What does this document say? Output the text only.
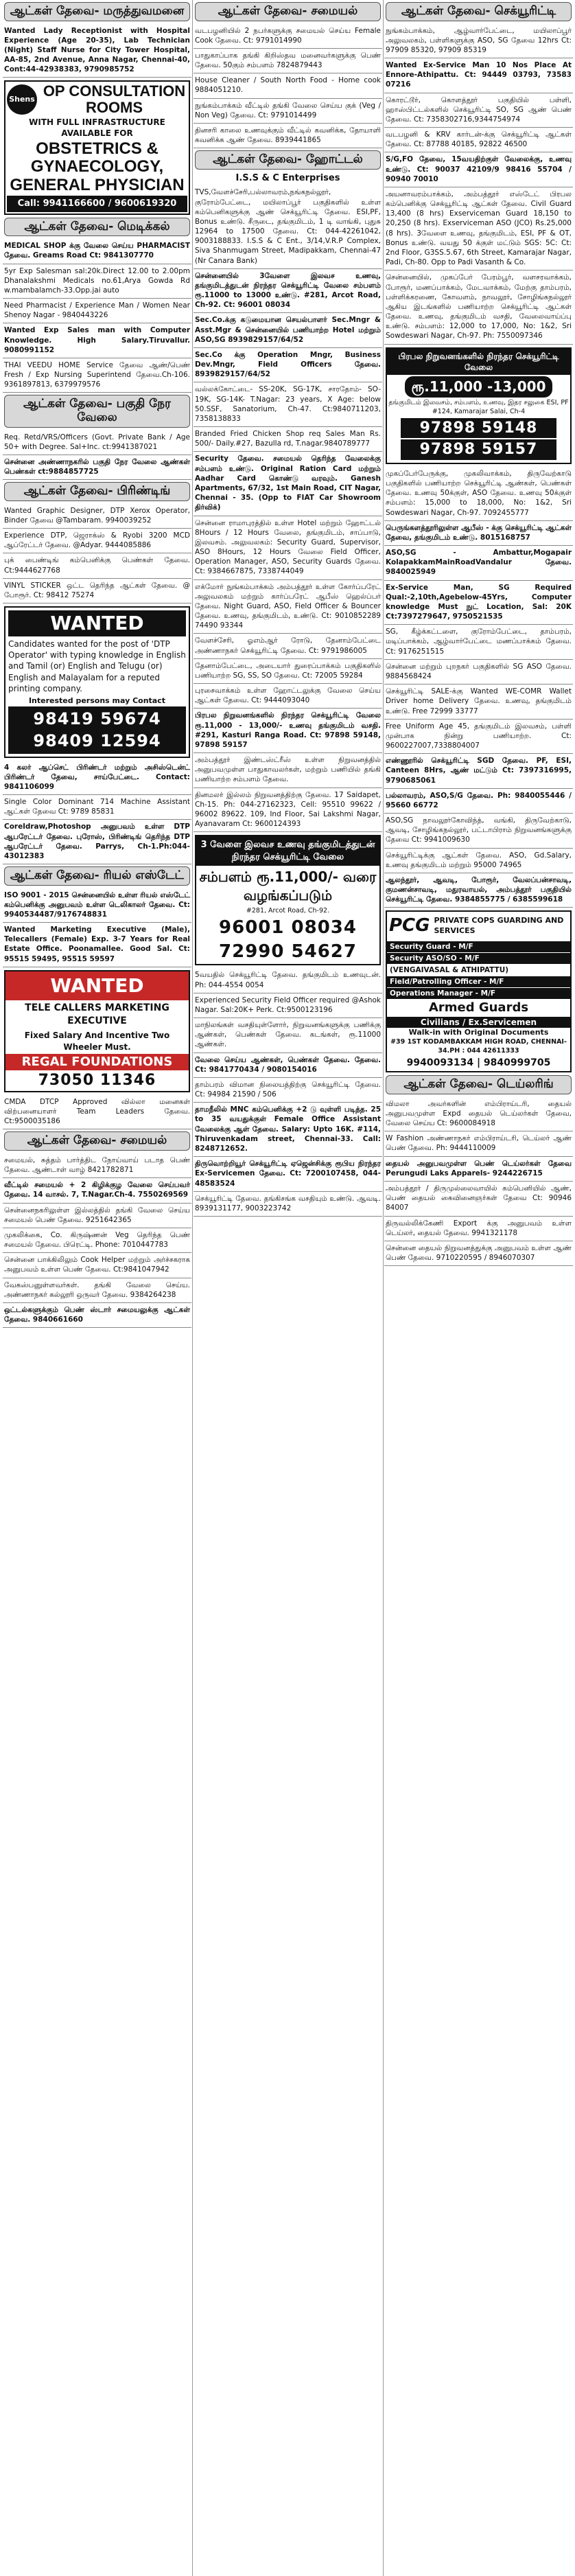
ஆட்கள் தேவை- மருத்துவமனை
Wanted Lady Receptionist with Hospital Experience (Age 20-35), Lab Technician (Night) Staff Nurse for City Tower Hospital, AA-85, 2nd Avenue, Anna Nagar, Chennai-40, Cont:44-42938383, 9790985752
Shens OP CONSULTATION ROOMS
WITH FULL INFRASTRUCTURE AVAILABLE FOR
OBSTETRICS & GYNAECOLOGY, GENERAL PHYSICIAN
Call: 9941166600 / 9600619320
ஆட்கள் தேவை- மெடிக்கல்
MEDICAL SHOP க்கு வேலை செய்ய PHARMACIST தேவை. Greams Road Ct: 9841307770
5yr Exp Salesman sal:20k.Direct 12.00 to 2.00pm Dhanalakshmi Medicals no.61,Arya Gowda Rd w.mambalamch-33.Opp.jai auto
Need Pharmacist / Experience Man / Women Near Shenoy Nagar - 9840443226
Wanted Exp Sales man with Computer Knowledge. High Salary.Tiruvallur. 9080991152
THAI VEEDU HOME Service தேவை ஆண்/பெண் Fresh / Exp Nursing Superintend தேவை.Ch-106. 9361897813, 6379979576
ஆட்கள் தேவை- பகுதி நேர வேலை
Req. Retd/VRS/Officers (Govt. Private Bank / Age 50+ with Degree. Sal+Inc. ct:9941387021
சென்னை அண்ணாநகரில் பகுதி நேர வேலை ஆண்கள் பெண்கள் ct:9884857725
ஆட்கள் தேவை- பிரிண்டிங்
Wanted Graphic Designer, DTP Xerox Operator, Binder தேவை @Tambaram. 9940039252
Experience DTP, ஜெராக்ஸ் & Ryobi 3200 MCD ஆப்ரேட்டர் தேவை. @Adyar. 9444085886
புக் பைண்டிங் கம்பெனிக்கு பெண்கள் தேவை. Ct:9444627768
VINYL STICKER ஒட்ட தெரிந்த ஆட்கள் தேவை. @ போரூர். Ct: 98412 75274
WANTED
Candidates wanted for the post of 'DTP Operator' with typing knowledge in English and Tamil (or) English and Telugu (or) English and Malayalam for a reputed printing company.
Interested persons may Contact
98419 59674
98409 12594
4 கலர் ஆப்செட் பிரிண்டர் மற்றும் அசிஸ்டென்ட் பிரிண்டர் தேவை, சாய்பேட்டை. Contact: 9841106099
Single Color Dominant 714 Machine Assistant ஆட்கள் தேவை Ct: 9789 85831
Coreldraw,Photoshop அனுபவம் உள்ள DTP ஆபரேட்டர் தேவை. புரோஸ், பிரிண்டிங் தெரிந்த DTP ஆபரேட்டர் தேவை. Parrys, Ch-1.Ph:044- 43012383
ஆட்கள் தேவை- ரியல் எஸ்டேட்
ISO 9001 - 2015 சென்னையில் உள்ள ரியல் எஸ்டேட் கம்பெனிக்கு அனுபவம் உள்ள டெலிகாலர் தேவை. Ct: 9940534487/9176748831
Wanted Marketing Executive (Male), Telecallers (Female) Exp. 3-7 Years for Real Estate Office. Poonamallee. Good Sal. Ct: 95515 59495, 95515 59597
WANTED
TELE CALLERS MARKETING EXECUTIVE
Fixed Salary And Incentive Two Wheeler Must.
REGAL FOUNDATIONS
73050 11346
CMDA DTCP Approved வில்லா மனைகள் விற்பனையாளர் Team Leaders தேவை. Ct:9500035186
ஆட்கள் தேவை- சமையல்
சமையல், சுத்தம் பார்த்திட நோய்வாய் படாத பெண் தேவை. ஆண்டாள் வாழ் 8421782871
வீட்டில் சமையல் + 2 கிழிக்குழ வேலை செய்பவர் தேவை. 14 வாசல். 7, T.Nagar.Ch-4. 7550269569
சென்னைநகரிலுள்ள இல்லத்தில் தங்கி வேலை செய்ய சமையல் பெண் தேவை. 9251642365
முகலிக்கை, Co. கிருஷ்ணன் Veg தெரிந்த பெண் சமையல் தேவை. பிரெட்டி. Phone: 7010447783
சென்னை பாக்கிலிலும் Cook Helper மற்றும் அர்ச்சகராக அனுபவம் உள்ள பெண் தேவை. Ct:9841047942
வேகஸ்பனுள்ளவர்கள். தங்கி வேலை செய்ய. அண்ணாநகர் கல்லூரி ஒருவர் தேவை. 9384264238
ஒட்டல்களுக்கும் பெண் ஸ்டார் சமையலுக்கு ஆட்கள் தேவை. 9840661660
ஆட்கள் தேவை- சமையல்
வடபழனியில் 2 நபர்களுக்கு சமையல் செய்ய Female Cook தேவை. Ct: 9791014990
பாதுகாப்பாக தங்கி கிறிஸ்தவ மனைவர்களுக்கு பெண் தேவை. 50கும் சம்பளம் 7824879443
House Cleaner / South North Food - Home cook 9884051210.
நுங்கம்பாக்கம் வீட்டில் தங்கி வேலை செய்ய குக் (Veg / Non Veg) தேவை. Ct: 9791014499
தினசரி காலை உணவுக்கும் வீட்டில் கவனிக்க, தோயாளி கவனிக்க ஆண் தேவை. 8939441865
ஆட்கள் தேவை- ஹோட்டல்
I.S.S & C Enterprises
TVS,வேளச்சேரி,பல்லாவரம்,நங்கநல்லூர், குரோம்பேட்டை, மயிலாப்பூர் பகுதிகளில் உள்ள கம்பெனிகளுக்கு ஆண் செக்யூரிட்டி தேவை. ESI,PF, Bonus உண்டு. சீருடை, தங்குமிடம், 1 டி வாங்கி, புதுசு 12964 to 17500 தேவை. Ct: 044-42261042, 9003188833. I.S.S & C Ent., 3/14,V.R.P Complex, Siva Shanmugam Street, Madipakkam, Chennai-47 (Nr Canara Bank)
சென்னையில் 3வேளை இலவச உணவு, தங்குமிடத்துடன் நிரந்தர செக்யூரிட்டி வேலை சம்பளம் ரூ.11000 to 13000 உண்டு. #281, Arcot Road, Ch-92. Ct: 96001 08034
Sec.Co.க்கு கடுமையான செயல்பாளர் Sec.Mngr & Asst.Mgr & சென்னையில் பணியாற்ற Hotel மற்றும் ASO,SG 8939829157/64/52
Sec.Co க்கு Operation Mngr, Business Dev.Mngr, Field Officers தேவை. 8939829157/64/52
வல்லக்கோட்டை- SS-20K, SG-17K, சாரதோம்- SO-19K, SG-14K- T.Nagar: 23 years, X Age: below 50.SSF, Sanatorium, Ch-47. Ct:9840711203, 7358138833
Branded Fried Chicken Shop req Sales Man Rs. 500/- Daily.#27, Bazulla rd, T.nagar.9840789777
Security தேவை. சமையல் தெரிந்த வேலைக்கு சம்பளம் உண்டு. Original Ration Card மற்றும் Aadhar Card கொண்டு வரவும். Ganesh Apartments, 67/32, 1st Main Road, CIT Nagar, Chennai - 35. (Opp to FIAT Car Showroom திர்விக்)
சென்னை ராமாபுரத்தில் உள்ள Hotel மற்றும் ஹோட்டல் 8Hours / 12 Hours வேலை, தங்குமிடம், சாப்பாடு, இலவசம். அலுவலகம்: Security Guard, Supervisor, ASO 8Hours, 12 Hours வேலை Field Officer, Operation Manager, ASO, Security Guards தேவை. Ct: 9384667875, 7338744049
எக்மோர் நுங்கம்பாக்கம் அம்பத்தூர் உள்ள கோர்ப்பரேட் அலுவலகம் மற்றும் கார்ப்பரேட் ஆபீஸ் ஹெல்ப்பர் தேவை. Night Guard, ASO, Field Officer & Bouncer தேவை. உணவு, தங்குமிடம், உண்டு. Ct: 9010852289 74490 93344
வேளச்சேரி, ஓஎம்ஆர் ரோடு, தேனாம்பேட்டை அண்ணாநகர் செக்யூரிட்டி தேவை. Ct: 9791986005
தேனாம்பேட்டை, அடையார் துரைப்பாக்கம் பகுதிகளில் பணியாற்ற SG, SS, SO தேவை. Ct: 72005 59284
புரசைவாக்கம் உள்ள ஹோட்டலுக்கு வேலை செய்ய ஆட்கள் தேவை. Ct: 9444093040
பிரபல நிறுவனங்களில் நிரந்தர செக்யூரிட்டி வேலை ரூ.11,000 - 13,000/- உணவு தங்குமிடம் வசதி. #291, Kasturi Ranga Road. Ct: 97898 59148, 97898 59157
அம்பத்தூர் இண்டஸ்ட்ரீஸ் உள்ள நிறுவனத்தில் அனுபவமுள்ள பாதுகாவலர்கள், மற்றும் பணியில் தங்கி பணியாற்ற சம்பளம் தேவை.
தினமலர் இல்லம் நிறுவனத்திற்கு தேவை. 17 Saidapet, Ch-15. Ph: 044-27162323, Cell: 95510 99622 / 96002 89622. 109, Ind Floor, Sai Lakshmi Nagar, Ayanavaram Ct: 9600124393
3 வேளை இலவச உணவு தங்குமிடத்துடன் நிரந்தர செக்யூரிட்டி வேலை
சம்பளம் ரூ.11,000/- வரை வழங்கப்படும்
#281, Arcot Road, Ch-92.
96001 08034
72990 54627
5வயதில் செக்யூரிட்டி தேவை. தங்குமிடம் உணவுடன். Ph: 044-4554 0054
Experienced Security Field Officer required @Ashok Nagar. Sal:20K+ Perk. Ct:9500123196
மாநிலங்கள் வசதியுள்ளோர், நிறுவனங்களுக்கு பணிக்கு ஆண்கள், பெண்கள் தேவை. கடங்கள், ரூ.11000 ஆண்கள்.
வேலை செய்ய ஆண்கள், பெண்கள் தேவை. தேவை. Ct: 9841770434 / 9080154016
தாம்பரம் விமான நிலையத்திற்கு செக்யூரிட்டி தேவை. Ct: 94984 21590 / 506
தாமநீலில் MNC கம்பெனிக்கு +2 டு வுள்ளி படித்த. 25 to 35 வயதுக்குள் Female Office Assistant வேலைக்கு ஆள் தேவை. Salary: Upto 16K. #114, Thiruvenkadam street, Chennai-33. Call: 8248712652.
திருவொற்றியூர் செக்யூரிட்டி ஏஜென்சிக்கு ரூபிய நிரந்தர Ex-Servicemen தேவை. Ct: 7200107458, 044-48583524
செக்யூரிட்டி தேவை. தங்கிசங்க வசதியும் உண்டு. ஆவடி. 8939131177, 9003223742
ஆட்கள் தேவை- செக்யூரிட்டி
நுங்கம்பாக்கம், ஆழ்வார்பேட்டை, மயிலாப்பூர் அலுவலகம், பள்ளிகளுக்கு ASO, SG தேவை 12hrs Ct: 97909 85320, 97909 85319
Wanted Ex-Service Man 10 Nos Place At Ennore-Athipattu. Ct: 94449 03793, 73583 07216
கொரட்டூர், கொளத்தூர் பகுதியில் பள்ளி, ஹாஸ்பிட்டல்களில் செக்யூரிட்டி SO, SG ஆண் பெண் தேவை. Ct: 7358302716,9344754974
வடபழனி & KRV கார்டன்-க்கு செக்யூரிட்டி ஆட்கள் தேவை. Ct: 87788 40185, 92822 46500
S/G,FO தேவை, 15வயதிற்குள் வேலைக்கு, உணவு உண்டு. Ct: 90037 42109/9 98416 55704 / 90940 70010
அயனாவரம்பாக்கம், அம்பத்தூர் எஸ்டேட் பிரபல கம்பெனிக்கு செக்யூரிட்டி ஆட்கள் தேவை. Civil Guard 13,400 (8 hrs) Exserviceman Guard 18,150 to 20,250 (8 hrs). Exserviceman ASO (JCO) Rs.25,000 (8 hrs). 3வேளை உணவு, தங்குமிடம், ESI, PF & OT, Bonus உண்டு. வயது 50 க்குள் மட்டும் SGS: 5C: Ct: 2nd Floor, G3SS.5.67, 6th Street, Kamarajar Nagar, Padi, Ch-80. Opp to Padi Vasanth & Co.
சென்னையில், முகப்பேர் பேரம்பூர், வளசரவாக்கம், போரூர், மணப்பாக்கம், மேடவாக்கம், மேற்கு தாம்பரம், பள்ளிக்கரணை, கோவளம், நாவலூர், சோழிங்கநல்லூர் ஆகிய இடங்களில் பணியாற்ற செக்யூரிட்டி ஆட்கள் தேவை. உணவு, தங்குமிடம் வசதி, வேலைவாய்ப்பு உண்டு. சம்பளம்: 12,000 to 17,000, No: 1&2, Sri Sowdeswari Nagar, Ch-97. Ph: 7550097346
பிரபல நிறுவனங்களில் நிரந்தர செக்யூரிட்டி வேலை
ரூ.11,000 -13,000
தங்குமிடம் இலவசம், சம்பளம், உணவு, இதர சலுகை ESI, PF
#124, Kamarajar Salai, Ch-4
97898 59148
97898 59157
முகப்பேர்பேருக்கு, முகலிவாக்கம், திருவேற்காடு பகுதிகளில் பணியாற்ற செக்யூரிட்டி ஆண்கள், பெண்கள் தேவை. உணவு 50க்குள், ASO தேவை. உணவு 50க்குள் சம்பளம்: 15,000 to 18,000, No: 1&2, Sri Sowdeswari Nagar, Ch-97. 7092455777
பெருங்களத்தூரிலுள்ள ஆபீஸ் - க்கு செக்யூரிட்டி ஆட்கள் தேவை, தங்குமிடம் உண்டு. 8015168757
ASO,SG - Ambattur,Mogapair KolapakkamMainRoadVandalur தேவை. 9840025949
Ex-Service Man, SG Required Qual:-2,10th,Agebelow-45Yrs, Computer knowledge Must நுட் Location, Sal: 20K Ct:7397279647, 9750521535
SG, கீழ்க்கட்டளை, குரோம்பேட்டை, தாம்பரம், மடிப்பாக்கம், ஆழ்வார்பேட்டை மணப்பாக்கம் தேவை. Ct: 9176251515
சென்னை மற்றும் புறநகர் பகுதிகளில் SG ASO தேவை. 9884568424
செக்யூரிட்டி SALE-க்கு Wanted WE-COMR Wallet Driver home Delivery தேவை. உணவு, தங்குமிடம் உண்டு. Free 72999 33777
Free Uniform Age 45, தங்குமிடம் இலவசம், பள்ளி முன்பாக நின்று பணியாற்ற. Ct: 9600227007,7338804007
எண்ணூரில் செக்யூரிட்டி SGD தேவை. PF, ESI, Canteen 8Hrs, ஆண் மட்டும் Ct: 7397316995, 9790685061
பல்லாவரம், ASO,S/G தேவை. Ph: 9840055446 / 95660 66772
ASO,SG நாவலூர்கோவிந்த், வங்கி, திருவேற்காடு, ஆவடி, சோழிங்கநல்லூர், பட்டாபிராம் நிறுவனங்களுக்கு தேவை Ct: 9941009630
செக்யூரிட்டிக்கு ஆட்கள் தேவை. ASO, Gd.Salary, உணவு தங்குமிடம் மற்றும் 95000 74965
ஆலந்தூர், ஆவடி, போரூர், வேலப்பன்சாவடி, குமணன்சாவடி, மதுரவாயல், அம்பத்தூர் பகுதியில் செக்யூரிட்டி தேவை. 9384855775 / 6385599618
PCG PRIVATE COPS GUARDING AND SERVICES
Security Guard - M/F
Security ASO/SO - M/F
(VENGAIVASAL & ATHIPATTU)
Field/Patrolling Officer - M/F
Operations Manager - M/F
Armed Guards
Civilians / Ex.Servicemen
Walk-in with Original Documents
#39 1ST KODAMBAKKAM HIGH ROAD, CHENNAI-34.PH : 044 42611333
9940093134 | 9840999705
ஆட்கள் தேவை- டெய்லரிங்
விமலா அவர்களின் எம்பிராய்டரி, தையல் அனுபவமுள்ள Expd தையல் டெய்லர்கள் தேவை, வேலை செய்ய Ct: 9600084918
W Fashion அண்ணாநகர் எம்பிராய்டரி, டெய்லர் ஆண் பெண் தேவை. Ph: 9444110009
தையல் அனுபவமுள்ள பெண் டெய்லர்கள் தேவை Perungudi Laks Apparels- 9244226715
அம்பத்தூர் / திருமுல்லைவாயில் கம்பெனியில் ஆண், பெண் தையல் கைவினைஞர்கள் தேவை Ct: 90946 84007
திருவல்லிக்கேணி Export க்கு அனுபவம் உள்ள டெய்லர், தையல் தேவை. 9941321178
சென்னை தையல் நிறுவனத்துக்கு அனுபவம் உள்ள ஆண் பெண் தேவை. 9710220595 / 8946070307
